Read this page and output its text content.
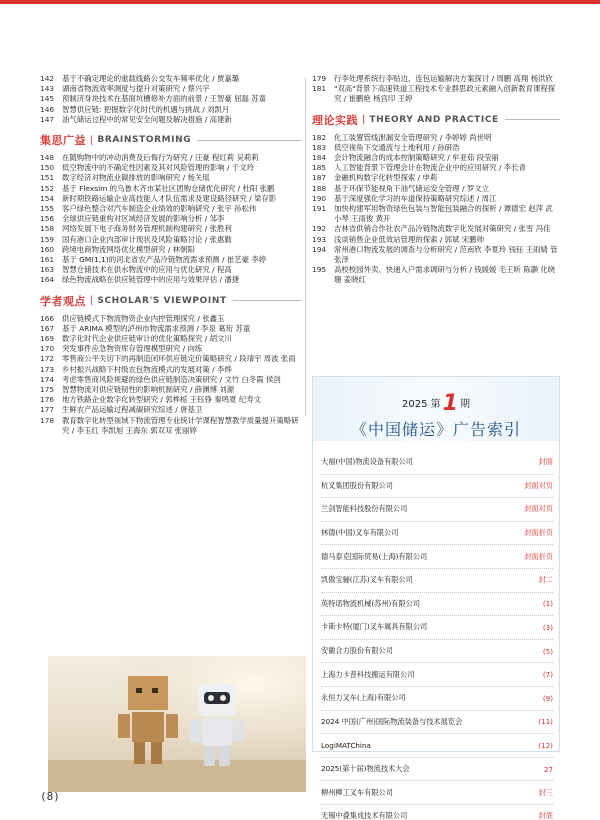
142	基于不确定理论的重载线路公交发车频率优化 / 贾嘉璐
143	湖南省物流效率测度与提升对策研究 / 蔡兴宇
145	预制济身块技术在基面坑槽修补方面的前景 / 王智豪 屈磊 苏童
146	智慧供应链: 把握数字化时代的机遇与挑战 / 刘凯月
147	油气储运过程中的常见安全问题及解决措施 / 高建新
集思广益 | BRAINSTORMING
148	在随购物中的冲动消费及后悔行为研究 / 汪豪 程红莉 吴莉莉
150	低空物流中的不确定性因素及其对风险管理的影响 / 于文玲
151	数字经济对物流业碳排放的影响研究 / 杨关瑶
152	基于 Flexsim 的乌鲁木齐市某社区团购仓储优化研究 / 杜阳 张鹏
154	新时期铁路运输企业高技能人才队伍需求及建设路径研究 / 梁存影
155	客户绿色整合对汽车制造企业绩效的影响研究 / 张宇 孙松伟
156	全球供应链重构对区域经济发展的影响分析 / 邹李
158	网络发展下电子商务财务管理机制构建研究 / 张胜利
159	国有港口企业内部审计现状及风险策略讨论 / 张惠勤
160	跨境电商物流网络优化模型研究 / 林朝阳
161	基于 GM(1,1)的河北省农产品冷链物流需求预测 / 崔艺豪 李婷
163	智慧仓储技术在供水物流中的应用与优化研究 / 程高
164	绿色物流战略在供应链管理中的应用与效果评估 / 潘捷
学者观点 | SCHOLAR'S VIEWPOINT
166	供应链模式下物流物资企业内控管理探究 / 张鑫玉
167	基于 ARIMA 模型的泸州市物流需求预测 / 李泉 葛珩 苏童
169	数字化时代企业供应链审计的优化策略探究 / 胡文川
170	突发事件应急物资库存管理模型研究 / 向练
172	零售商公平关切下的再制造闭环供应链定价策略研究 / 段靖宇 周波 张雨
173	乡村振兴战略下村级农包物流模式的发展对策 / 李烨
174	考虑零售商风险规避的绿色供应链制造决策研究 / 文竹 白冬霞 侯剑
175	智慧物流对供应链韧性的影响机制研究 / 薛渊博 刘源
176	地方铁路企业数字化转型研究 / 郭桦栎 王钰铮 秦鸣夏 纪寿文
177	生鲜农产品运输过程减碳研究综述 / 唐基卫
178	教育数字化转型视域下物流管理专业统计学课程智慧教学质量提升策略研究 / 李玉红 李凯旭 王海东 郭双双 张丽婷
179	行李处理系统行李贴边、连包运输解决方案探讨 / 周鹏 高翔 杨洪欣
181	"双高"背景下高速铁道工程技术专业群思政元素融入创新教育课程探究 / 崔鹏艳 杨宫印 王婷
理论实践 | THEORY AND PRACTICE
182	化工装置管线泄漏安全管理研究 / 李婷婷 尚世明
183	低空视角下交通流与土地利用 / 孙研浩
184	会计物流融合的成本控制策略研究 / 牟亚茹 段莹丽
185	人工智能背景下管理会计在物流企业中的应用研究 / 李长青
187	金融机构数字化转型探索 / 申莉
188	基于环保节能视角下油气储运安全管理 / 罗文立
190	基于深度强化学习的车道保持策略研究综述 / 周江
191	加快构建军用物资绿色包装与智能包装融合的探析 / 谭德宏 赵萍 武小琴 王雨俊 黄开
192	吉林省供销合作社农产品冷链物流数字化发展对策研究 / 张雪 冯佳
193	浅谈销售企业低效站管理的探索 / 郭斌 宋鹏帅
194	常州港口物流发展的调查与分析研究 / 范南欣 李夏玲 钱钰 王雨婧 管张泽
195	高校校园外卖、快递入户需求调研与分析 / 钱媛媛 毛王昕 陈灏 化晓珊 姜晓红
2025 第1 期
《中国储运》广告索引
大福(中国)物流设备有限公司	封面
杭叉集团股份有限公司	封面对页
兰剑智能科技股份有限公司	封面对页
林德(中国)叉车有限公司	封面折页
德马泰克国际贸易(上海)有限公司	封面折页
凯傲宝骊(江苏)叉车有限公司	封二
英特诺物流机械(苏州)有限公司	(1)
卡斯卡特(厦门)叉车属具有限公司	(3)
安徽合力股份有限公司	(5)
上海力卡普科技搬运有限公司	(7)
永恒力叉车(上海)有限公司	(9)
2024 中国(广州)国际物流装备与技术展览会	(11)
LogiMATChina	(12)
2025(第十届)物流技术大会	27
柳州柳工叉车有限公司	封三
无锡中叠集成技术有限公司	封底
(8)
